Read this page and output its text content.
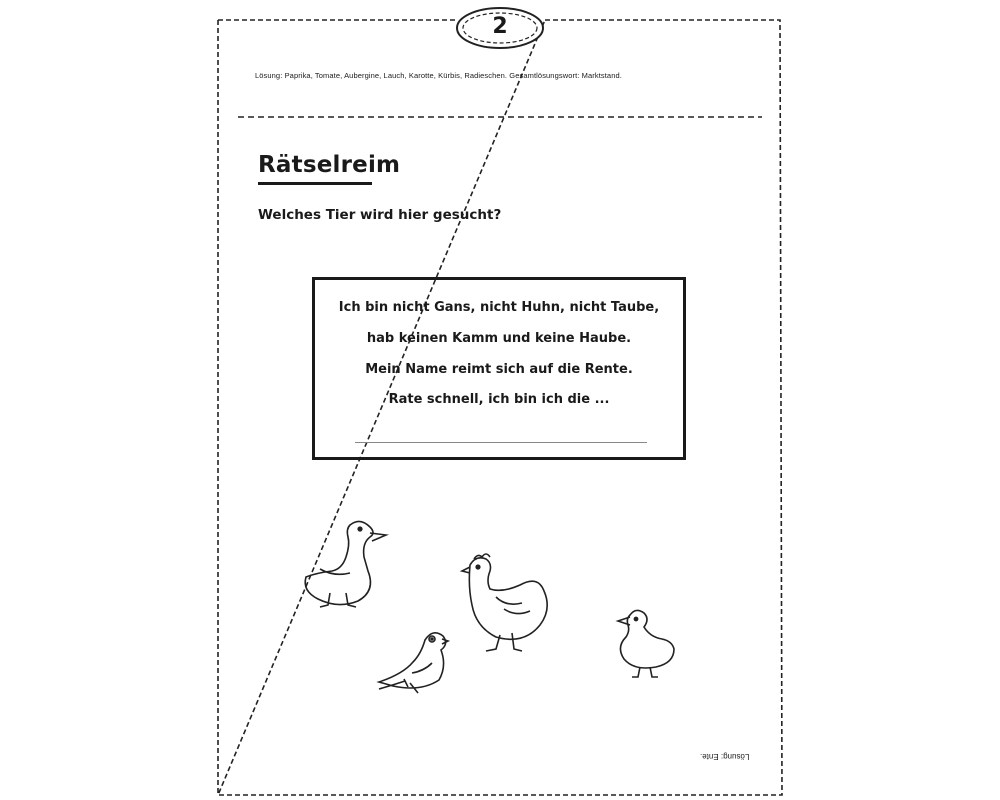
2
Lösung: Paprika, Tomate, Aubergine, Lauch, Karotte, Kürbis, Radieschen. Gesamtlösungswort: Marktstand.
Rätselreim
Welches Tier wird hier gesucht?
Ich bin nicht Gans, nicht Huhn, nicht Taube,
hab keinen Kamm und keine Haube.
Mein Name reimt sich auf die Rente.
Rate schnell, ich bin ich die ...
Lösung: Ente.
